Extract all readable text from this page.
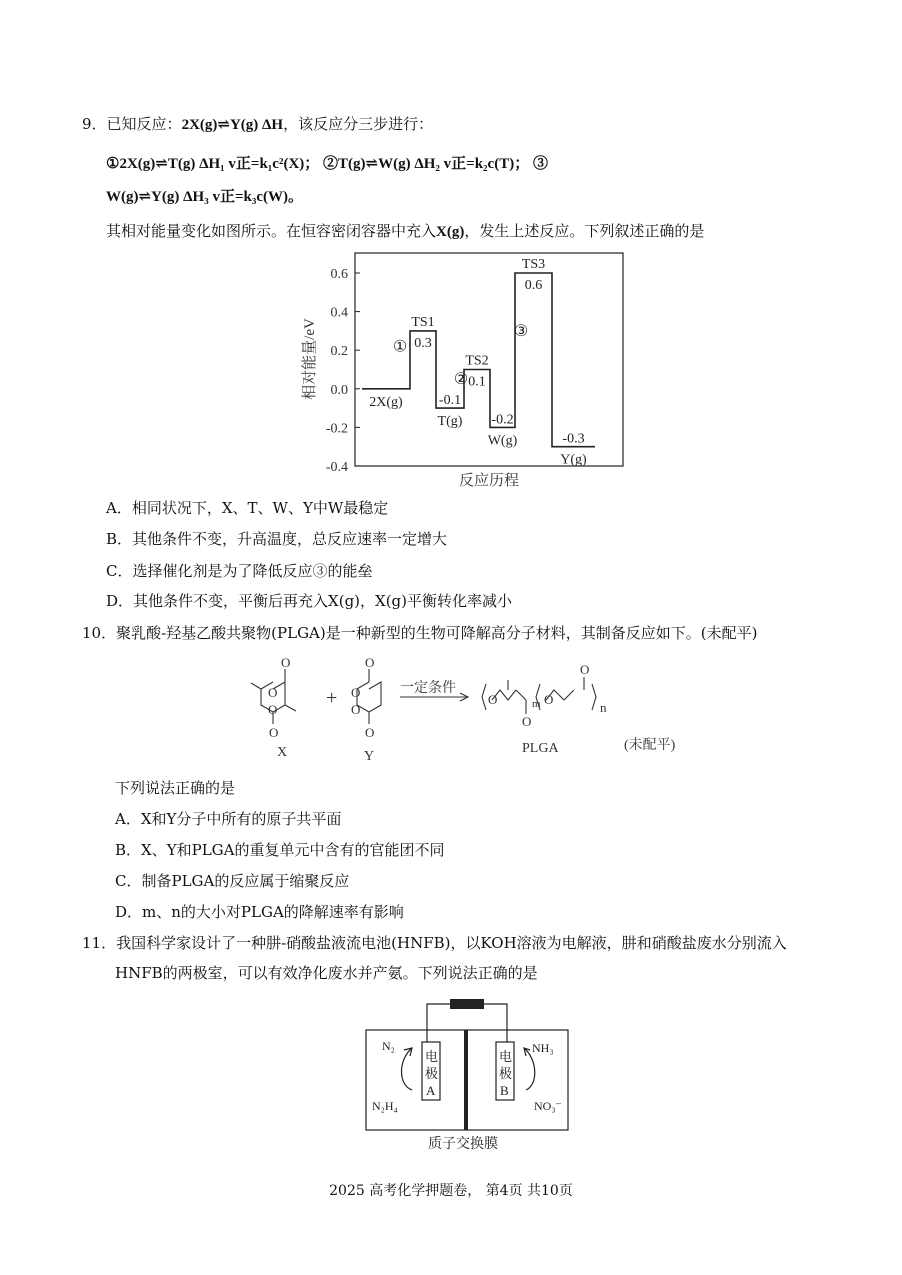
9．已知反应：2X(g)⇌Y(g) ΔH，该反应分三步进行：
①2X(g)⇌T(g) ΔH₁ v正=k₁c²(X)； ②T(g)⇌W(g) ΔH₂ v正=k₂c(T)； ③
W(g)⇌Y(g) ΔH₃ v正=k₃c(W)。
其相对能量变化如图所示。在恒容密闭容器中充入X(g)，发生上述反应。下列叙述正确的是
0.6
0.4
0.2
0.0
-0.2
-0.4
2X(g)
0.3
TS1
-0.1
T(g)
0.1
TS2
-0.2
W(g)
0.6
TS3
-0.3
Y(g)
①
②
③
相对能量/eV
反应历程
A．相同状况下，X、T、W、Y中W最稳定
B．其他条件不变，升高温度，总反应速率一定增大
C．选择催化剂是为了降低反应③的能垒
D．其他条件不变，平衡后再充入X(g)，X(g)平衡转化率减小
10．聚乳酸-羟基乙酸共聚物(PLGA)是一种新型的生物可降解高分子材料，其制备反应如下。(未配平)
O
O
O
O
X
+
O
O
O
O
Y
一定条件
O
O
m O
O
n
PLGA	(未配平)
下列说法正确的是
A．X和Y分子中所有的原子共平面
B．X、Y和PLGA的重复单元中含有的官能团不同
C．制备PLGA的反应属于缩聚反应
D．m、n的大小对PLGA的降解速率有影响
11．我国科学家设计了一种肼-硝酸盐液流电池(HNFB)，以KOH溶液为电解液，肼和硝酸盐废水分别流入
HNFB的两极室，可以有效净化废水并产氨。下列说法正确的是
电
极
A
电
极
B
N₂
N₂H₄
NH₃
NO₃⁻
质子交换膜
2025 高考化学押题卷， 第4页 共10页
